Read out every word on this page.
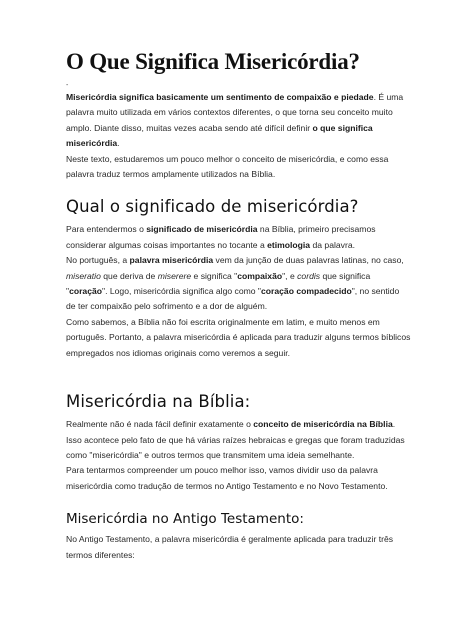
O Que Significa Misericórdia?
-

Misericórdia significa basicamente um sentimento de compaixão e piedade. É uma palavra muito utilizada em vários contextos diferentes, o que torna seu conceito muito amplo. Diante disso, muitas vezes acaba sendo até difícil definir o que significa misericórdia.

Neste texto, estudaremos um pouco melhor o conceito de misericórdia, e como essa palavra traduz termos amplamente utilizados na Bíblia.

Qual o significado de misericórdia?

Para entendermos o significado de misericórdia na Bíblia, primeiro precisamos considerar algumas coisas importantes no tocante a etimologia da palavra.

No português, a palavra misericórdia vem da junção de duas palavras latinas, no caso, miseratio que deriva de miserere e significa "compaixão", e cordis que significa "coração". Logo, misericórdia significa algo como "coração compadecido", no sentido de ter compaixão pelo sofrimento e a dor de alguém.

Como sabemos, a Bíblia não foi escrita originalmente em latim, e muito menos em português. Portanto, a palavra misericórdia é aplicada para traduzir alguns termos bíblicos empregados nos idiomas originais como veremos a seguir.

Misericórdia na Bíblia:

Realmente não é nada fácil definir exatamente o conceito de misericórdia na Bíblia. Isso acontece pelo fato de que há várias raízes hebraicas e gregas que foram traduzidas como "misericórdia" e outros termos que transmitem uma ideia semelhante.

Para tentarmos compreender um pouco melhor isso, vamos dividir uso da palavra misericórdia como tradução de termos no Antigo Testamento e no Novo Testamento.

Misericórdia no Antigo Testamento:

No Antigo Testamento, a palavra misericórdia é geralmente aplicada para traduzir três termos diferentes:
